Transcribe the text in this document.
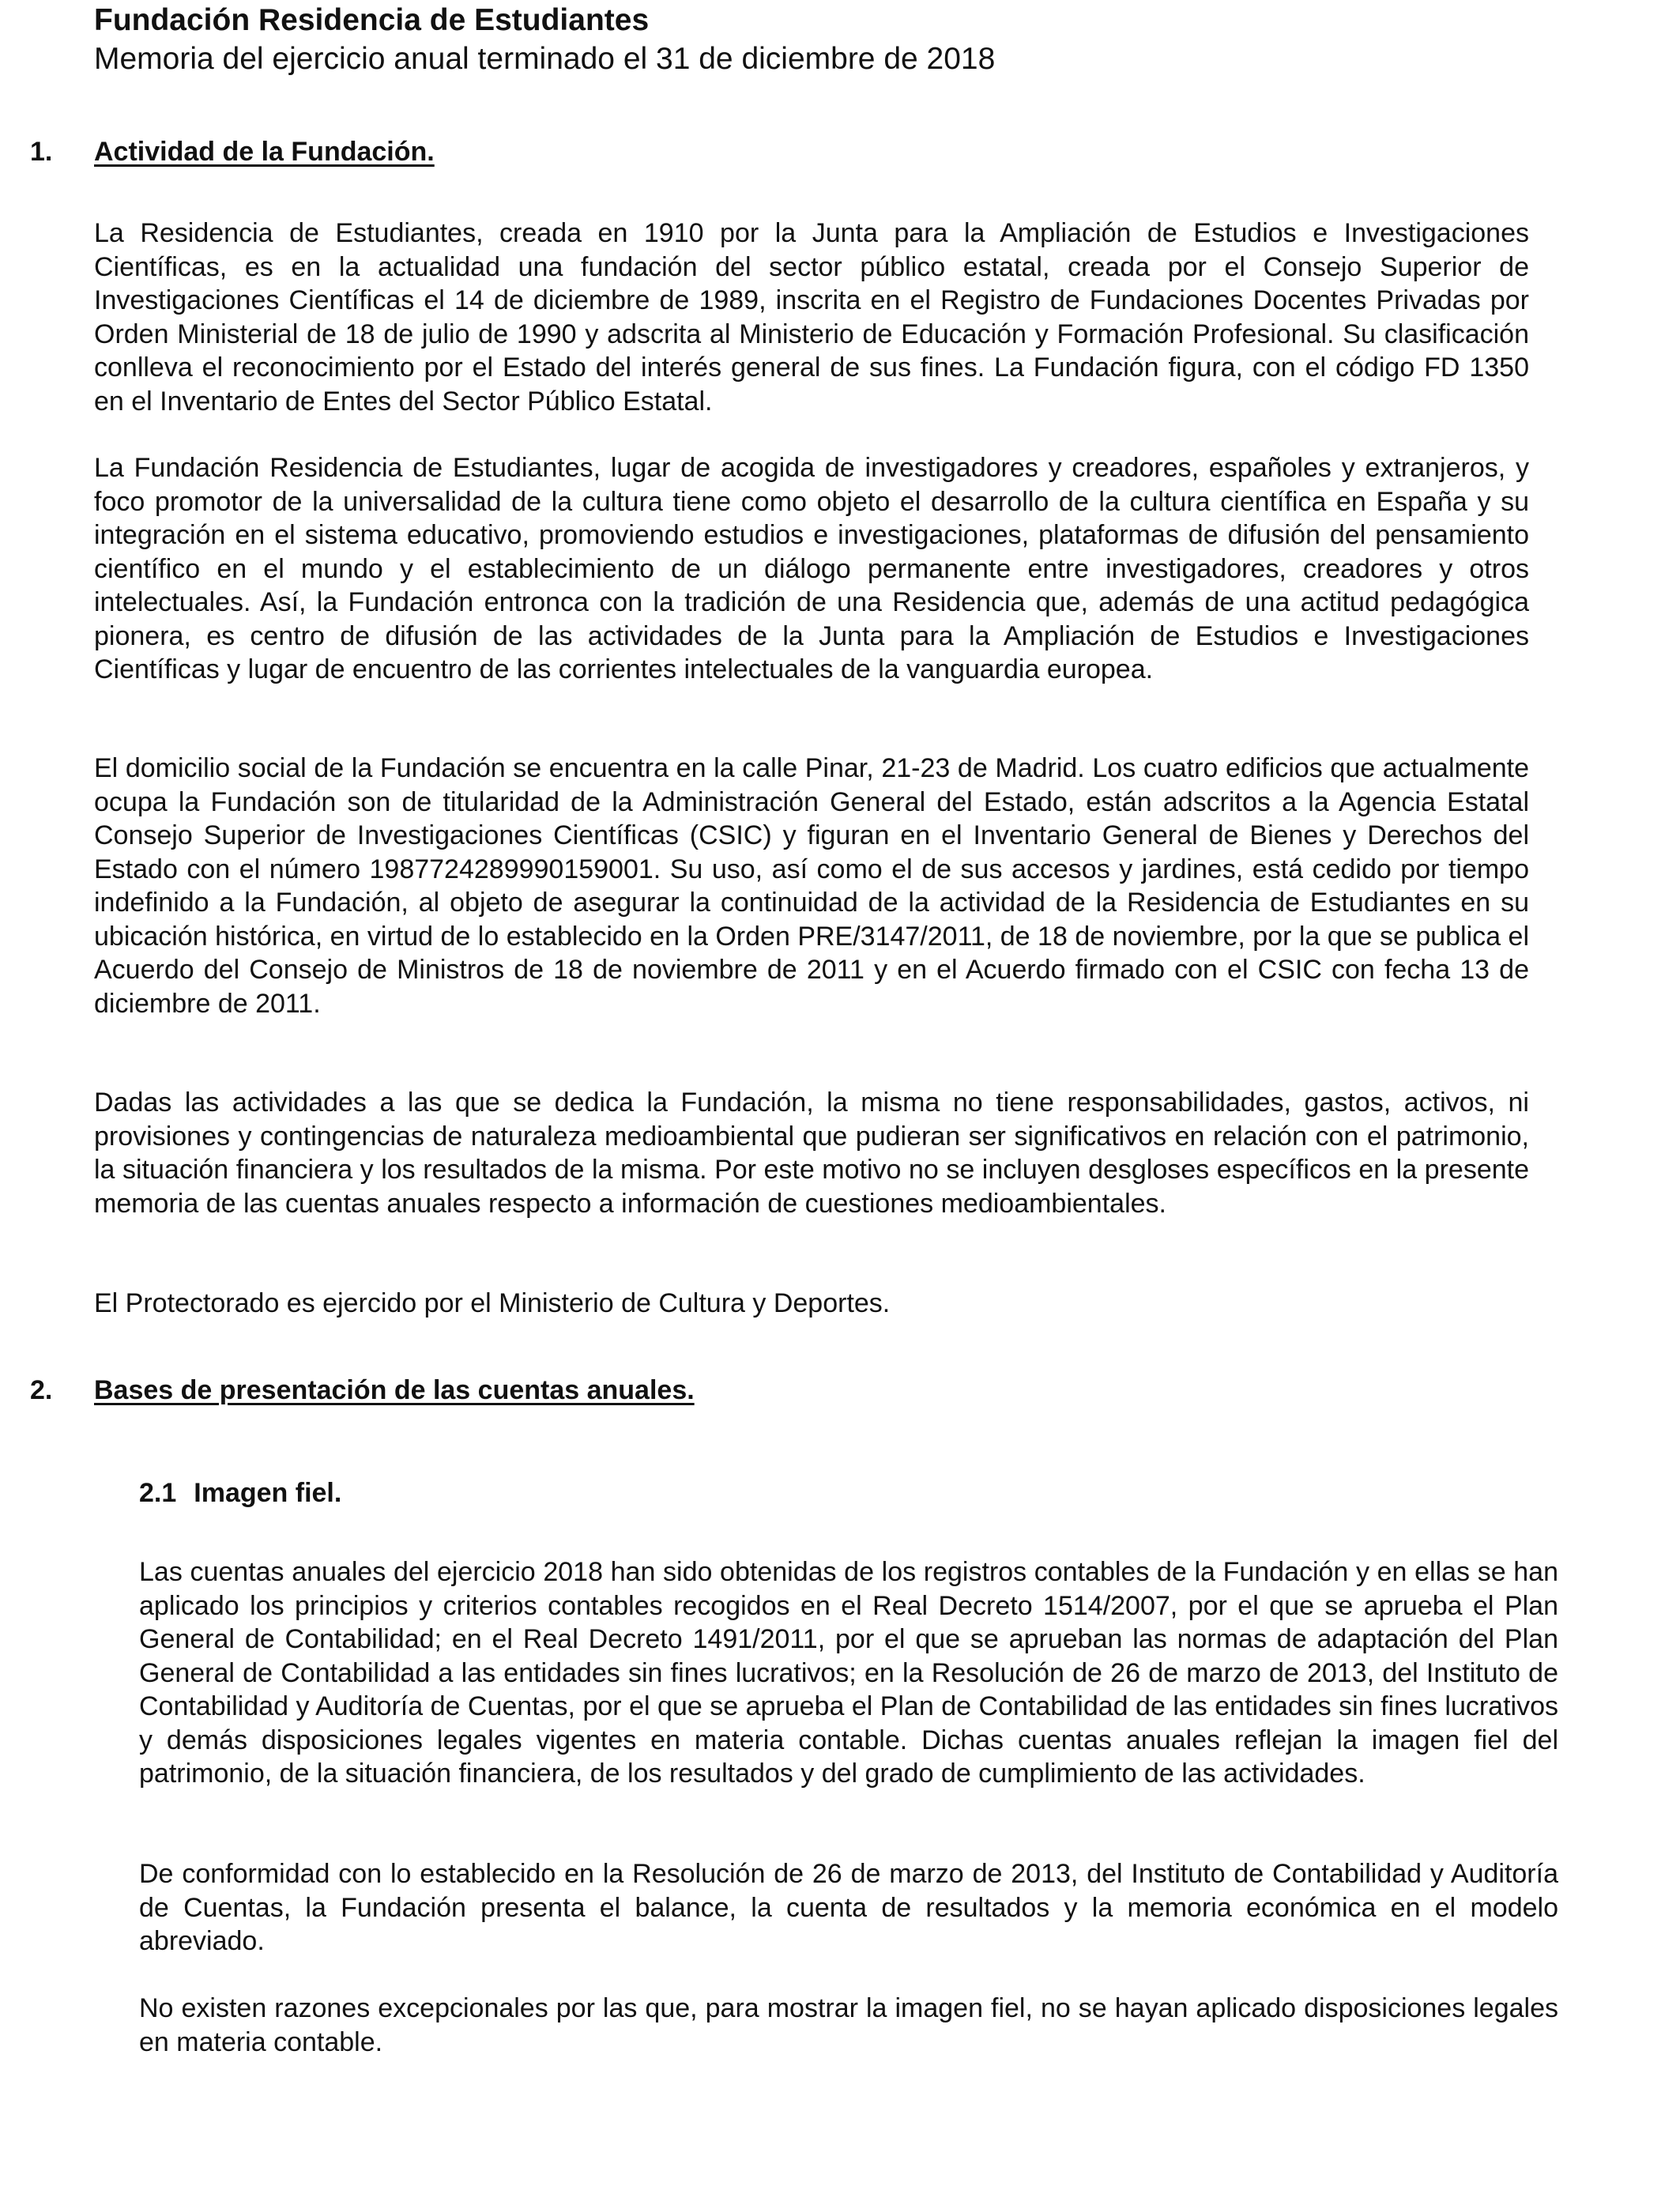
Fundación Residencia de Estudiantes

Memoria del ejercicio anual terminado el 31 de diciembre de 2018

1. Actividad de la Fundación.

La Residencia de Estudiantes, creada en 1910 por la Junta para la Ampliación de Estudios e Investigaciones Científicas, es en la actualidad una fundación del sector público estatal, creada por el Consejo Superior de Investigaciones Científicas el 14 de diciembre de 1989, inscrita en el Registro de Fundaciones Docentes Privadas por Orden Ministerial de 18 de julio de 1990 y adscrita al Ministerio de Educación y Formación Profesional. Su clasificación conlleva el reconocimiento por el Estado del interés general de sus fines. La Fundación figura, con el código FD 1350 en el Inventario de Entes del Sector Público Estatal.

La Fundación Residencia de Estudiantes, lugar de acogida de investigadores y creadores, españoles y extranjeros, y foco promotor de la universalidad de la cultura tiene como objeto el desarrollo de la cultura científica en España y su integración en el sistema educativo, promoviendo estudios e investigaciones, plataformas de difusión del pensamiento científico en el mundo y el establecimiento de un diálogo permanente entre investigadores, creadores y otros intelectuales. Así, la Fundación entronca con la tradición de una Residencia que, además de una actitud pedagógica pionera, es centro de difusión de las actividades de la Junta para la Ampliación de Estudios e Investigaciones Científicas y lugar de encuentro de las corrientes intelectuales de la vanguardia europea.

El domicilio social de la Fundación se encuentra en la calle Pinar, 21-23 de Madrid. Los cuatro edificios que actualmente ocupa la Fundación son de titularidad de la Administración General del Estado, están adscritos a la Agencia Estatal Consejo Superior de Investigaciones Científicas (CSIC) y figuran en el Inventario General de Bienes y Derechos del Estado con el número 1987724289990159001. Su uso, así como el de sus accesos y jardines, está cedido por tiempo indefinido a la Fundación, al objeto de asegurar la continuidad de la actividad de la Residencia de Estudiantes en su ubicación histórica, en virtud de lo establecido en la Orden PRE/3147/2011, de 18 de noviembre, por la que se publica el Acuerdo del Consejo de Ministros de 18 de noviembre de 2011 y en el Acuerdo firmado con el CSIC con fecha 13 de diciembre de 2011.

Dadas las actividades a las que se dedica la Fundación, la misma no tiene responsabilidades, gastos, activos, ni provisiones y contingencias de naturaleza medioambiental que pudieran ser significativos en relación con el patrimonio, la situación financiera y los resultados de la misma. Por este motivo no se incluyen desgloses específicos en la presente memoria de las cuentas anuales respecto a información de cuestiones medioambientales.

El Protectorado es ejercido por el Ministerio de Cultura y Deportes.

2. Bases de presentación de las cuentas anuales.
2.1 Imagen fiel.

Las cuentas anuales del ejercicio 2018 han sido obtenidas de los registros contables de la Fundación y en ellas se han aplicado los principios y criterios contables recogidos en el Real Decreto 1514/2007, por el que se aprueba el Plan General de Contabilidad; en el Real Decreto 1491/2011, por el que se aprueban las normas de adaptación del Plan General de Contabilidad a las entidades sin fines lucrativos; en la Resolución de 26 de marzo de 2013, del Instituto de Contabilidad y Auditoría de Cuentas, por el que se aprueba el Plan de Contabilidad de las entidades sin fines lucrativos y demás disposiciones legales vigentes en materia contable. Dichas cuentas anuales reflejan la imagen fiel del patrimonio, de la situación financiera, de los resultados y del grado de cumplimiento de las actividades.

De conformidad con lo establecido en la Resolución de 26 de marzo de 2013, del Instituto de Contabilidad y Auditoría de Cuentas, la Fundación presenta el balance, la cuenta de resultados y la memoria económica en el modelo abreviado.

No existen razones excepcionales por las que, para mostrar la imagen fiel, no se hayan aplicado disposiciones legales en materia contable.
